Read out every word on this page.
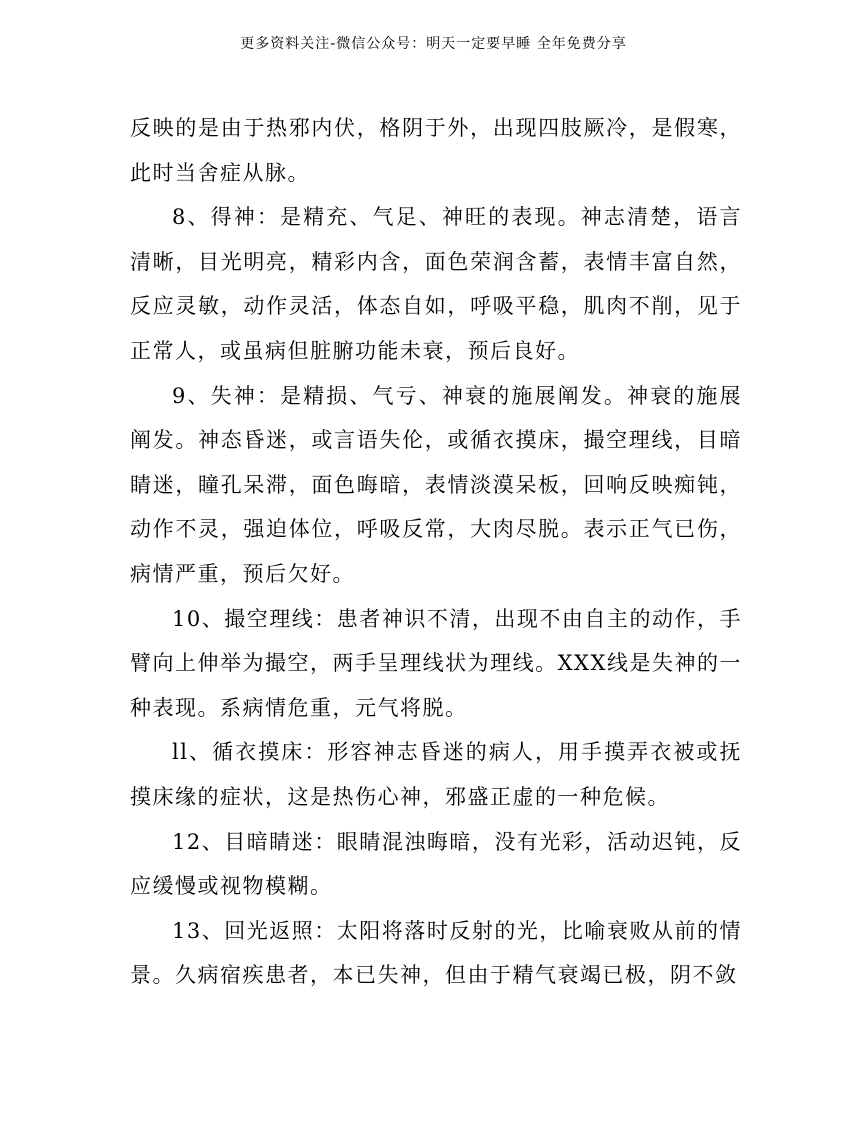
更多资料关注-微信公众号：明天一定要早睡 全年免费分享

反映的是由于热邪内伏，格阴于外，出现四肢厥冷，是假寒，此时当舍症从脉。

8、得神：是精充、气足、神旺的表现。神志清楚，语言清晰，目光明亮，精彩内含，面色荣润含蓄，表情丰富自然，反应灵敏，动作灵活，体态自如，呼吸平稳，肌肉不削，见于正常人，或虽病但脏腑功能未衰，预后良好。

9、失神：是精损、气亏、神衰的施展阐发。神衰的施展阐发。神态昏迷，或言语失伦，或循衣摸床，撮空理线，目暗睛迷，瞳孔呆滞，面色晦暗，表情淡漠呆板，回响反映痴钝，动作不灵，强迫体位，呼吸反常，大肉尽脱。表示正气已伤，病情严重，预后欠好。

10、撮空理线：患者神识不清，出现不由自主的动作，手臂向上伸举为撮空，两手呈理线状为理线。XXX线是失神的一种表现。系病情危重，元气将脱。

ll、循衣摸床：形容神志昏迷的病人，用手摸弄衣被或抚摸床缘的症状，这是热伤心神，邪盛正虚的一种危候。

12、目暗睛迷：眼睛混浊晦暗，没有光彩，活动迟钝，反应缓慢或视物模糊。

13、回光返照：太阳将落时反射的光，比喻衰败从前的情景。久病宿疾患者，本已失神，但由于精气衰竭已极，阴不敛
